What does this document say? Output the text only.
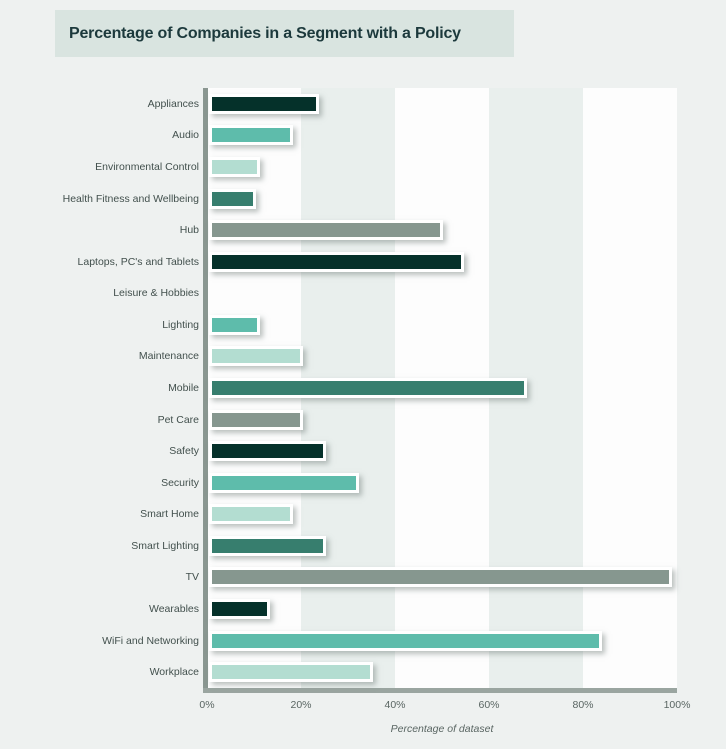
Percentage of Companies in a Segment with a Policy
Appliances
Audio
Environmental Control
Health Fitness and Wellbeing
Hub
Laptops, PC's and Tablets
Leisure & Hobbies
Lighting
Maintenance
Mobile
Pet Care
Safety
Security
Smart Home
Smart Lighting
TV
Wearables
WiFi and Networking
Workplace
0%	20%	40%	60%	80%	100%
Percentage of dataset
